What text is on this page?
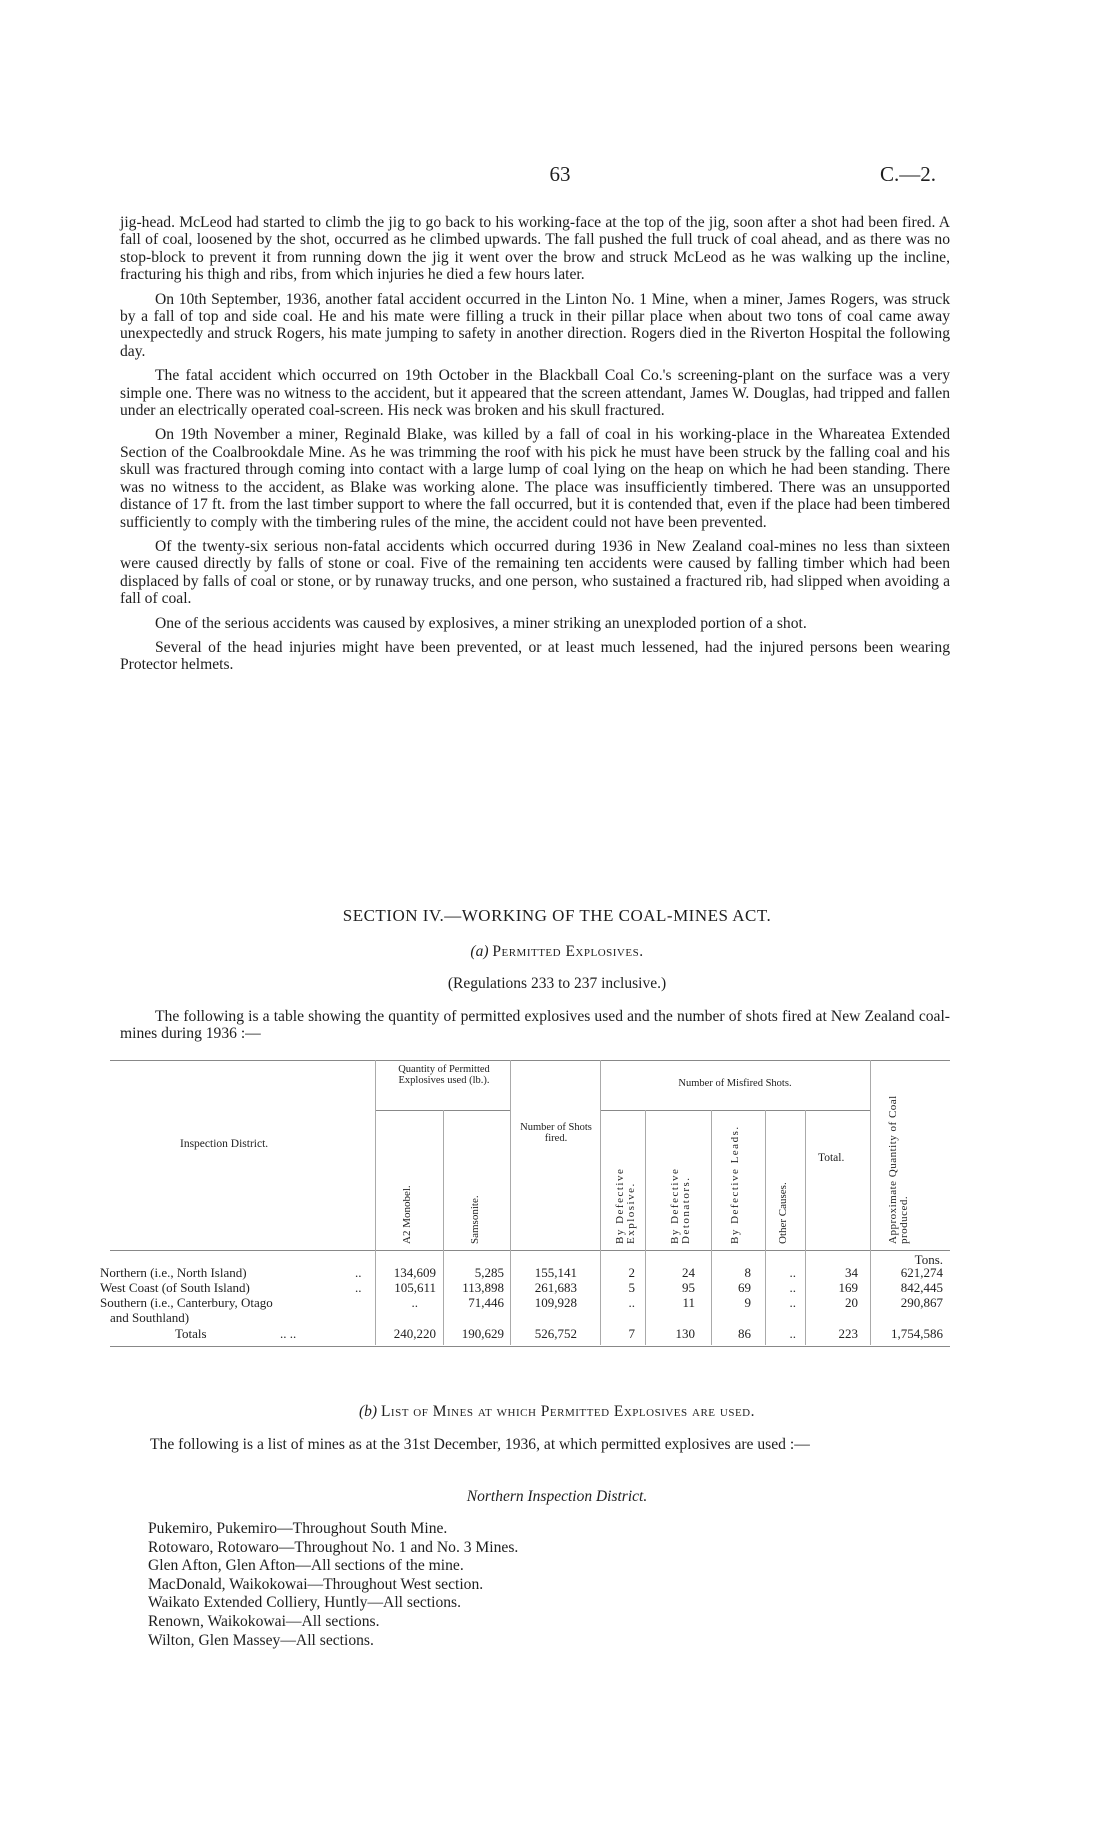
63	C.—2.

jig-head. McLeod had started to climb the jig to go back to his working-face at the top of the jig, soon after a shot had been fired. A fall of coal, loosened by the shot, occurred as he climbed upwards. The fall pushed the full truck of coal ahead, and as there was no stop-block to prevent it from running down the jig it went over the brow and struck McLeod as he was walking up the incline, fracturing his thigh and ribs, from which injuries he died a few hours later.

On 10th September, 1936, another fatal accident occurred in the Linton No. 1 Mine, when a miner, James Rogers, was struck by a fall of top and side coal. He and his mate were filling a truck in their pillar place when about two tons of coal came away unexpectedly and struck Rogers, his mate jumping to safety in another direction. Rogers died in the Riverton Hospital the following day.

The fatal accident which occurred on 19th October in the Blackball Coal Co.'s screening-plant on the surface was a very simple one. There was no witness to the accident, but it appeared that the screen attendant, James W. Douglas, had tripped and fallen under an electrically operated coal-screen. His neck was broken and his skull fractured.

On 19th November a miner, Reginald Blake, was killed by a fall of coal in his working-place in the Whareatea Extended Section of the Coalbrookdale Mine. As he was trimming the roof with his pick he must have been struck by the falling coal and his skull was fractured through coming into contact with a large lump of coal lying on the heap on which he had been standing. There was no witness to the accident, as Blake was working alone. The place was insufficiently timbered. There was an unsupported distance of 17 ft. from the last timber support to where the fall occurred, but it is contended that, even if the place had been timbered sufficiently to comply with the timbering rules of the mine, the accident could not have been prevented.

Of the twenty-six serious non-fatal accidents which occurred during 1936 in New Zealand coal-mines no less than sixteen were caused directly by falls of stone or coal. Five of the remaining ten accidents were caused by falling timber which had been displaced by falls of coal or stone, or by runaway trucks, and one person, who sustained a fractured rib, had slipped when avoiding a fall of coal.

One of the serious accidents was caused by explosives, a miner striking an unexploded portion of a shot.

Several of the head injuries might have been prevented, or at least much lessened, had the injured persons been wearing Protector helmets.

SECTION IV.—WORKING OF THE COAL-MINES ACT.
(a) Permitted Explosives.
(Regulations 233 to 237 inclusive.)

The following is a table showing the quantity of permitted explosives used and the number of shots fired at New Zealand coal-mines during 1936 :—

Inspection District.
Quantity of Permitted Explosives used (lb.).
A2 Monobel.	Samsonite.
Number of Shots fired.
Number of Misfired Shots.
By Defective Explosive.	By Defective Detonators.	By Defective Leads.	Other Causes.
Total.	Approximate Quantity of Coal produced.
Tons.
Northern (i.e., North Island)	..	134,609	5,285	155,141	2	24	8	..	34	621,274
West Coast (of South Island)	..	105,611	113,898	261,683	5	95	69	..	169	842,445
Southern (i.e., Canterbury, Otago
and Southland)
..	71,446	109,928	..	11	9	..	20	290,867
Totals	.. ..	240,220	190,629	526,752	7	130	86	..	223	1,754,586
(b) List of Mines at which Permitted Explosives are used.

The following is a list of mines as at the 31st December, 1936, at which permitted explosives are used :—

Northern Inspection District.
Pukemiro, Pukemiro—Throughout South Mine.
Rotowaro, Rotowaro—Throughout No. 1 and No. 3 Mines.
Glen Afton, Glen Afton—All sections of the mine.
MacDonald, Waikokowai—Throughout West section.
Waikato Extended Colliery, Huntly—All sections.
Renown, Waikokowai—All sections.
Wilton, Glen Massey—All sections.
